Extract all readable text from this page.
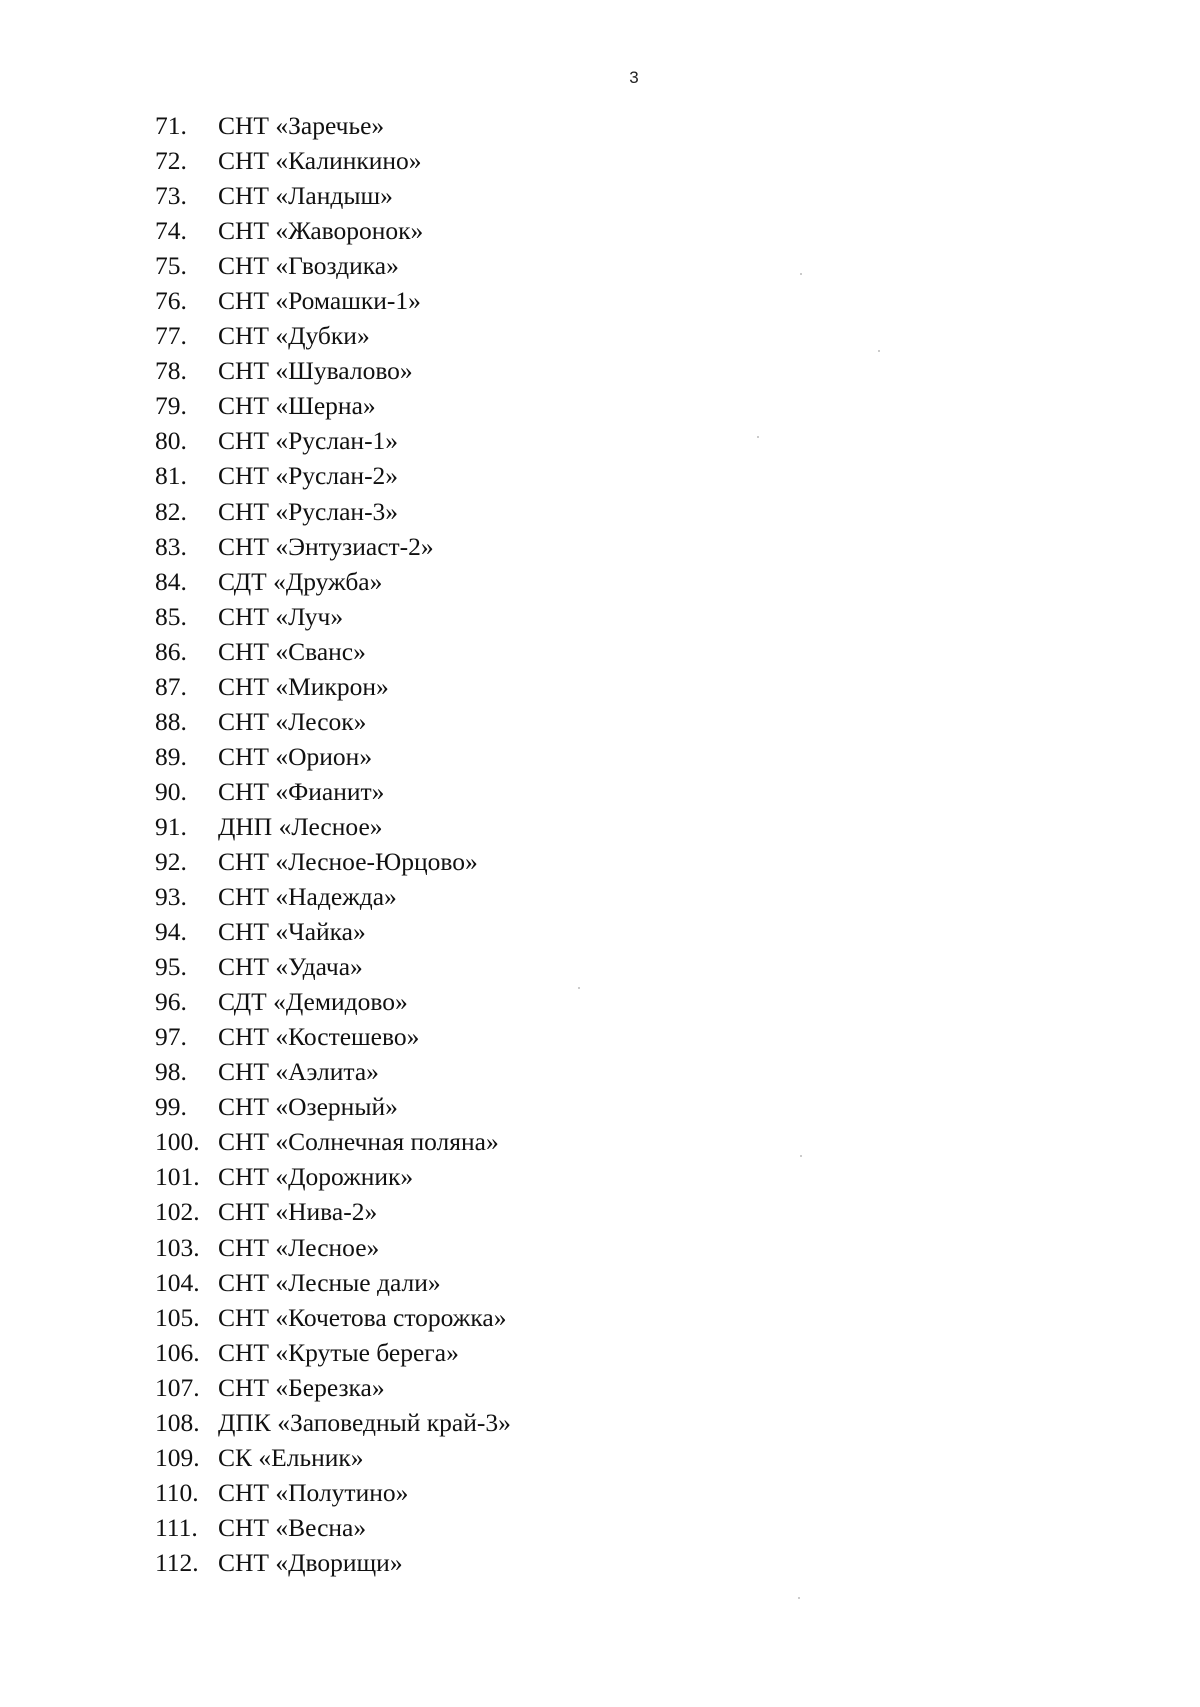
3
71.	СНТ «Заречье»
72.	СНТ «Калинкино»
73.	СНТ «Ландыш»
74.	СНТ «Жаворонок»
75.	СНТ «Гвоздика»
76.	СНТ «Ромашки-1»
77.	СНТ «Дубки»
78.	СНТ «Шувалово»
79.	СНТ «Шерна»
80.	СНТ «Руслан-1»
81.	СНТ «Руслан-2»
82.	СНТ «Руслан-3»
83.	СНТ «Энтузиаст-2»
84.	СДТ «Дружба»
85.	СНТ «Луч»
86.	СНТ «Сванс»
87.	СНТ «Микрон»
88.	СНТ «Лесок»
89.	СНТ «Орион»
90.	СНТ «Фианит»
91.	ДНП «Лесное»
92.	СНТ «Лесное-Юрцово»
93.	СНТ «Надежда»
94.	СНТ «Чайка»
95.	СНТ «Удача»
96.	СДТ «Демидово»
97.	СНТ «Костешево»
98.	СНТ «Аэлита»
99.	СНТ «Озерный»
100. СНТ «Солнечная поляна»
101. СНТ «Дорожник»
102. СНТ «Нива-2»
103. СНТ «Лесное»
104. СНТ «Лесные дали»
105. СНТ «Кочетова сторожка»
106. СНТ «Крутые берега»
107. СНТ «Березка»
108. ДПК «Заповедный край-3»
109. СК «Ельник»
110. СНТ «Полутино»
111. СНТ «Весна»
112. СНТ «Дворищи»
